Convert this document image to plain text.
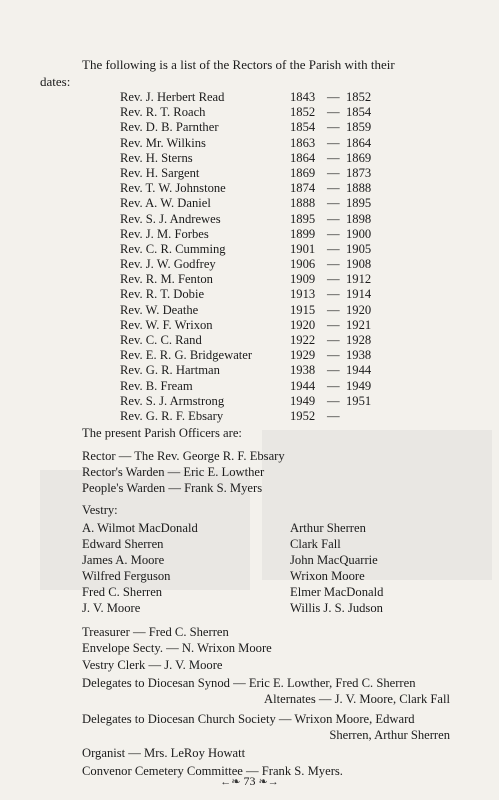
The following is a list of the Rectors of the Parish with their
dates:
Rev. J. Herbert Read	1843 — 1852
Rev. R. T. Roach	1852 — 1854
Rev. D. B. Parnther	1854 — 1859
Rev. Mr. Wilkins	1863 — 1864
Rev. H. Sterns	1864 — 1869
Rev. H. Sargent	1869 — 1873
Rev. T. W. Johnstone	1874 — 1888
Rev. A. W. Daniel	1888 — 1895
Rev. S. J. Andrewes	1895 — 1898
Rev. J. M. Forbes	1899 — 1900
Rev. C. R. Cumming	1901 — 1905
Rev. J. W. Godfrey	1906 — 1908
Rev. R. M. Fenton	1909 — 1912
Rev. R. T. Dobie	1913 — 1914
Rev. W. Deathe	1915 — 1920
Rev. W. F. Wrixon	1920 — 1921
Rev. C. C. Rand	1922 — 1928
Rev. E. R. G. Bridgewater	1929 — 1938
Rev. G. R. Hartman	1938 — 1944
Rev. B. Fream	1944 — 1949
Rev. S. J. Armstrong	1949 — 1951
Rev. G. R. F. Ebsary	1952 —
The present Parish Officers are:
Rector — The Rev. George R. F. Ebsary
Rector's Warden — Eric E. Lowther
People's Warden — Frank S. Myers
Vestry:
A. Wilmot MacDonald
Edward Sherren
James A. Moore
Wilfred Ferguson
Fred C. Sherren
J. V. Moore
Arthur Sherren
Clark Fall
John MacQuarrie
Wrixon Moore
Elmer MacDonald
Willis J. S. Judson
Treasurer — Fred C. Sherren
Envelope Secty. — N. Wrixon Moore
Vestry Clerk — J. V. Moore
Delegates to Diocesan Synod — Eric E. Lowther, Fred C. Sherren
Alternates — J. V. Moore, Clark Fall
Delegates to Diocesan Church Society — Wrixon Moore, Edward
Sherren, Arthur Sherren
Organist — Mrs. LeRoy Howatt
Convenor Cemetery Committee — Frank S. Myers.
←❧ 73 ❧→
